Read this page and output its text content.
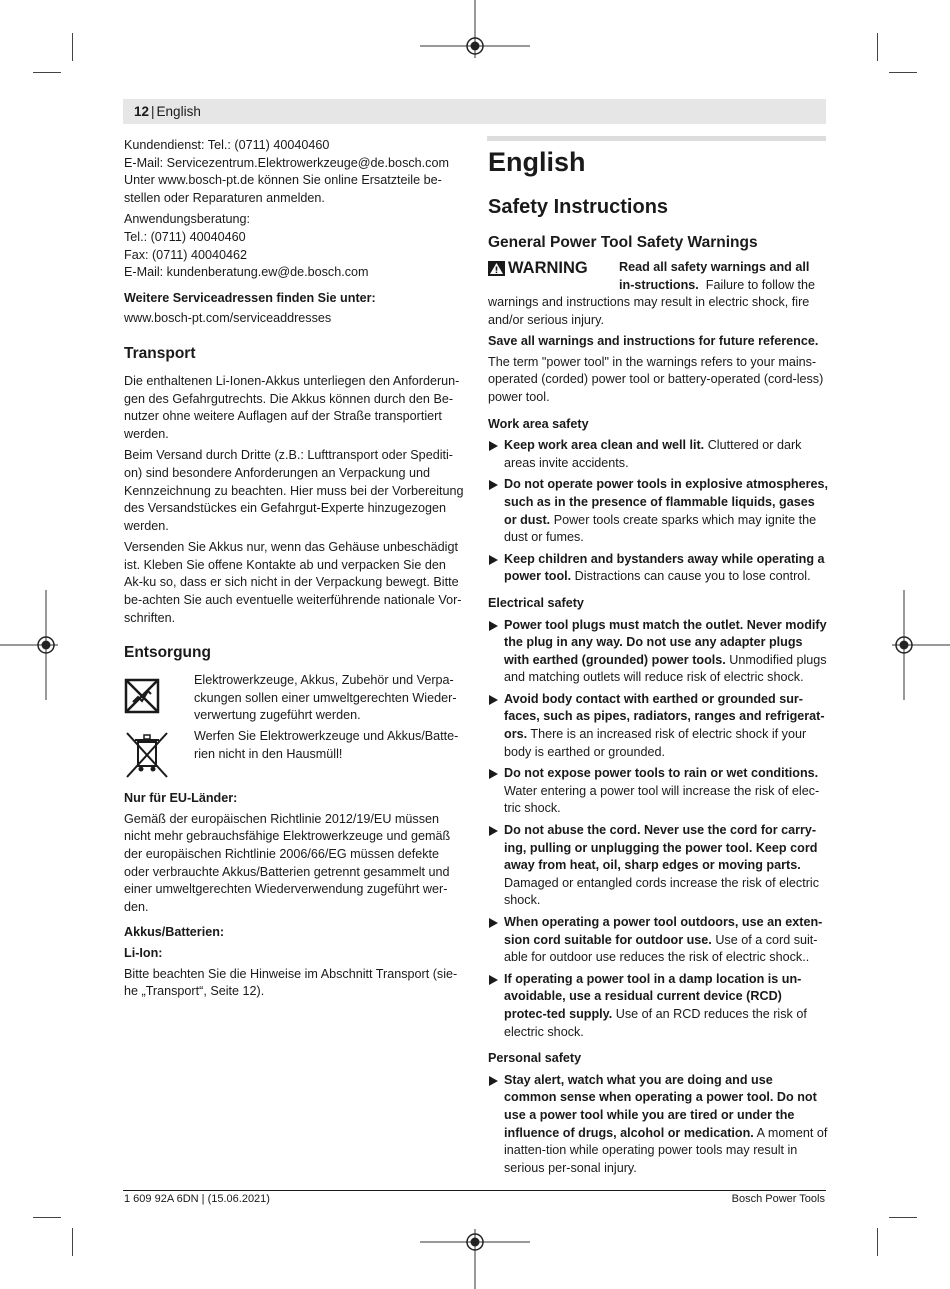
12 | English

Kundendienst: Tel.: (0711) 40040460

E-Mail: Servicezentrum.Elektrowerkzeuge@de.bosch.com

Unter www.bosch-pt.de können Sie online Ersatzteile be-

stellen oder Reparaturen anmelden.

Anwendungsberatung:

Tel.: (0711) 40040460

Fax: (0711) 40040462

E-Mail: kundenberatung.ew@de.bosch.com

Weitere Serviceadressen finden Sie unter:

www.bosch-pt.com/serviceaddresses

Transport

Die enthaltenen Li-Ionen-Akkus unterliegen den Anforderun-gen des Gefahrgutrechts. Die Akkus können durch den Be-nutzer ohne weitere Auflagen auf der Straße transportiert werden.

Beim Versand durch Dritte (z.B.: Lufttransport oder Spediti-on) sind besondere Anforderungen an Verpackung und Kennzeichnung zu beachten. Hier muss bei der Vorbereitung des Versandstückes ein Gefahrgut-Experte hinzugezogen werden.

Versenden Sie Akkus nur, wenn das Gehäuse unbeschädigt ist. Kleben Sie offene Kontakte ab und verpacken Sie den Ak-ku so, dass er sich nicht in der Verpackung bewegt. Bitte be-achten Sie auch eventuelle weiterführende nationale Vor-schriften.

Entsorgung

Elektrowerkzeuge, Akkus, Zubehör und Verpa-ckungen sollen einer umweltgerechten Wieder-verwertung zugeführt werden.

Werfen Sie Elektrowerkzeuge und Akkus/Batte-rien nicht in den Hausmüll!

Nur für EU-Länder:

Gemäß der europäischen Richtlinie 2012/19/EU müssen nicht mehr gebrauchsfähige Elektrowerkzeuge und gemäß der europäischen Richtlinie 2006/66/EG müssen defekte oder verbrauchte Akkus/Batterien getrennt gesammelt und einer umweltgerechten Wiederverwendung zugeführt wer-den.

Akkus/Batterien:

Li-Ion:

Bitte beachten Sie die Hinweise im Abschnitt Transport (sie-he „Transport“, Seite 12).

English
Safety Instructions
General Power Tool Safety Warnings
WARNING Read all safety warnings and all in-structions. Failure to follow the

warnings and instructions may result in electric shock, fire and/or serious injury.

Save all warnings and instructions for future reference.

The term "power tool" in the warnings refers to your mains-operated (corded) power tool or battery-operated (cord-less) power tool.

Work area safety

Keep work area clean and well lit. Cluttered or dark areas invite accidents.

Do not operate power tools in explosive atmospheres, such as in the presence of flammable liquids, gases or dust. Power tools create sparks which may ignite the dust or fumes.

Keep children and bystanders away while operating a power tool. Distractions can cause you to lose control.

Electrical safety

Power tool plugs must match the outlet. Never modify the plug in any way. Do not use any adapter plugs with earthed (grounded) power tools. Unmodified plugs and matching outlets will reduce risk of electric shock.

Avoid body contact with earthed or grounded sur-faces, such as pipes, radiators, ranges and refrigerat-ors. There is an increased risk of electric shock if your body is earthed or grounded.

Do not expose power tools to rain or wet conditions. Water entering a power tool will increase the risk of elec-tric shock.

Do not abuse the cord. Never use the cord for carry-ing, pulling or unplugging the power tool. Keep cord away from heat, oil, sharp edges or moving parts. Damaged or entangled cords increase the risk of electric shock.

When operating a power tool outdoors, use an exten-sion cord suitable for outdoor use. Use of a cord suit-able for outdoor use reduces the risk of electric shock..

If operating a power tool in a damp location is un-avoidable, use a residual current device (RCD) protec-ted supply. Use of an RCD reduces the risk of electric shock.

Personal safety

Stay alert, watch what you are doing and use common sense when operating a power tool. Do not use a power tool while you are tired or under the influence of drugs, alcohol or medication. A moment of inatten-tion while operating power tools may result in serious per-sonal injury.

1 609 92A 6DN | (15.06.2021)	Bosch Power Tools
